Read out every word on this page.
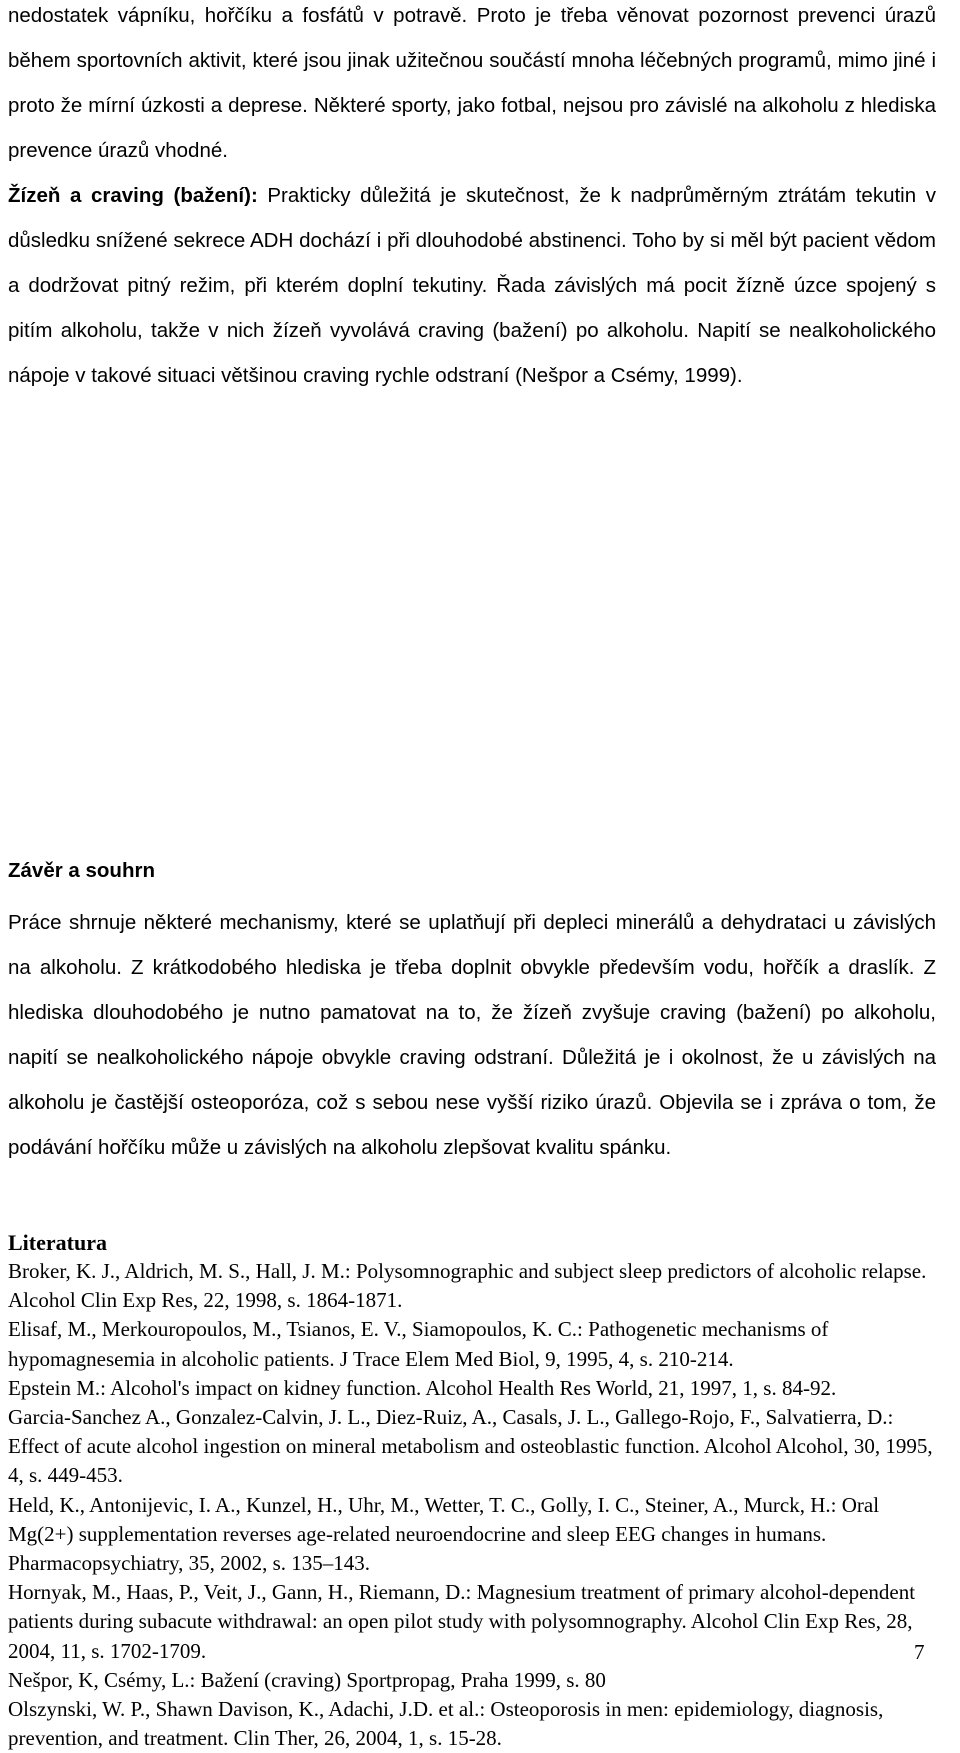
nedostatek vápníku, hořčíku a fosfátů v potravě. Proto je třeba věnovat pozornost prevenci úrazů během sportovních aktivit, které jsou jinak užitečnou součástí mnoha léčebných programů, mimo jiné i proto že mírní úzkosti a deprese. Některé sporty, jako fotbal, nejsou pro závislé na alkoholu z hlediska prevence úrazů vhodné.

Žízeň a craving (bažení): Prakticky důležitá je skutečnost, že k nadprůměrným ztrátám tekutin v důsledku snížené sekrece ADH dochází i při dlouhodobé abstinenci. Toho by si měl být pacient vědom a dodržovat pitný režim, při kterém doplní tekutiny. Řada závislých má pocit žízně úzce spojený s pitím alkoholu, takže v nich žízeň vyvolává craving (bažení) po alkoholu. Napití se nealkoholického nápoje v takové situaci většinou craving rychle odstraní (Nešpor a Csémy, 1999).

Závěr a souhrn

Práce shrnuje některé mechanismy, které se uplatňují při depleci minerálů a dehydrataci u závislých na alkoholu. Z krátkodobého hlediska je třeba doplnit obvykle především vodu, hořčík a draslík. Z hlediska dlouhodobého je nutno pamatovat na to, že žízeň zvyšuje craving (bažení) po alkoholu, napití se nealkoholického nápoje obvykle craving odstraní. Důležitá je i okolnost, že u závislých na alkoholu je častější osteoporóza, což s sebou nese vyšší riziko úrazů. Objevila se i zpráva o tom, že podávání hořčíku může u závislých na alkoholu zlepšovat kvalitu spánku.

Literatura
Broker, K. J., Aldrich, M. S., Hall, J. M.: Polysomnographic and subject sleep predictors of alcoholic relapse. Alcohol Clin Exp Res, 22, 1998, s. 1864-1871.
Elisaf, M., Merkouropoulos, M., Tsianos, E. V., Siamopoulos, K. C.: Pathogenetic mechanisms of hypomagnesemia in alcoholic patients. J Trace Elem Med Biol, 9, 1995, 4, s. 210-214.
Epstein M.: Alcohol's impact on kidney function. Alcohol Health Res World, 21, 1997, 1, s. 84-92.
Garcia-Sanchez A., Gonzalez-Calvin, J. L., Diez-Ruiz, A., Casals, J. L., Gallego-Rojo, F., Salvatierra, D.: Effect of acute alcohol ingestion on mineral metabolism and osteoblastic function. Alcohol Alcohol, 30, 1995, 4, s. 449-453.
Held, K., Antonijevic, I. A., Kunzel, H., Uhr, M., Wetter, T. C., Golly, I. C., Steiner, A., Murck, H.: Oral Mg(2+) supplementation reverses age-related neuroendocrine and sleep EEG changes in humans. Pharmacopsychiatry, 35, 2002, s. 135–143.
Hornyak, M., Haas, P., Veit, J., Gann, H., Riemann, D.: Magnesium treatment of primary alcohol-dependent patients during subacute withdrawal: an open pilot study with polysomnography. Alcohol Clin Exp Res, 28, 2004, 11, s. 1702-1709.
Nešpor, K, Csémy, L.: Bažení (craving) Sportpropag, Praha 1999, s. 80
Olszynski, W. P., Shawn Davison, K., Adachi, J.D. et al.: Osteoporosis in men: epidemiology, diagnosis, prevention, and treatment. Clin Ther, 26, 2004, 1, s. 15-28.

7
